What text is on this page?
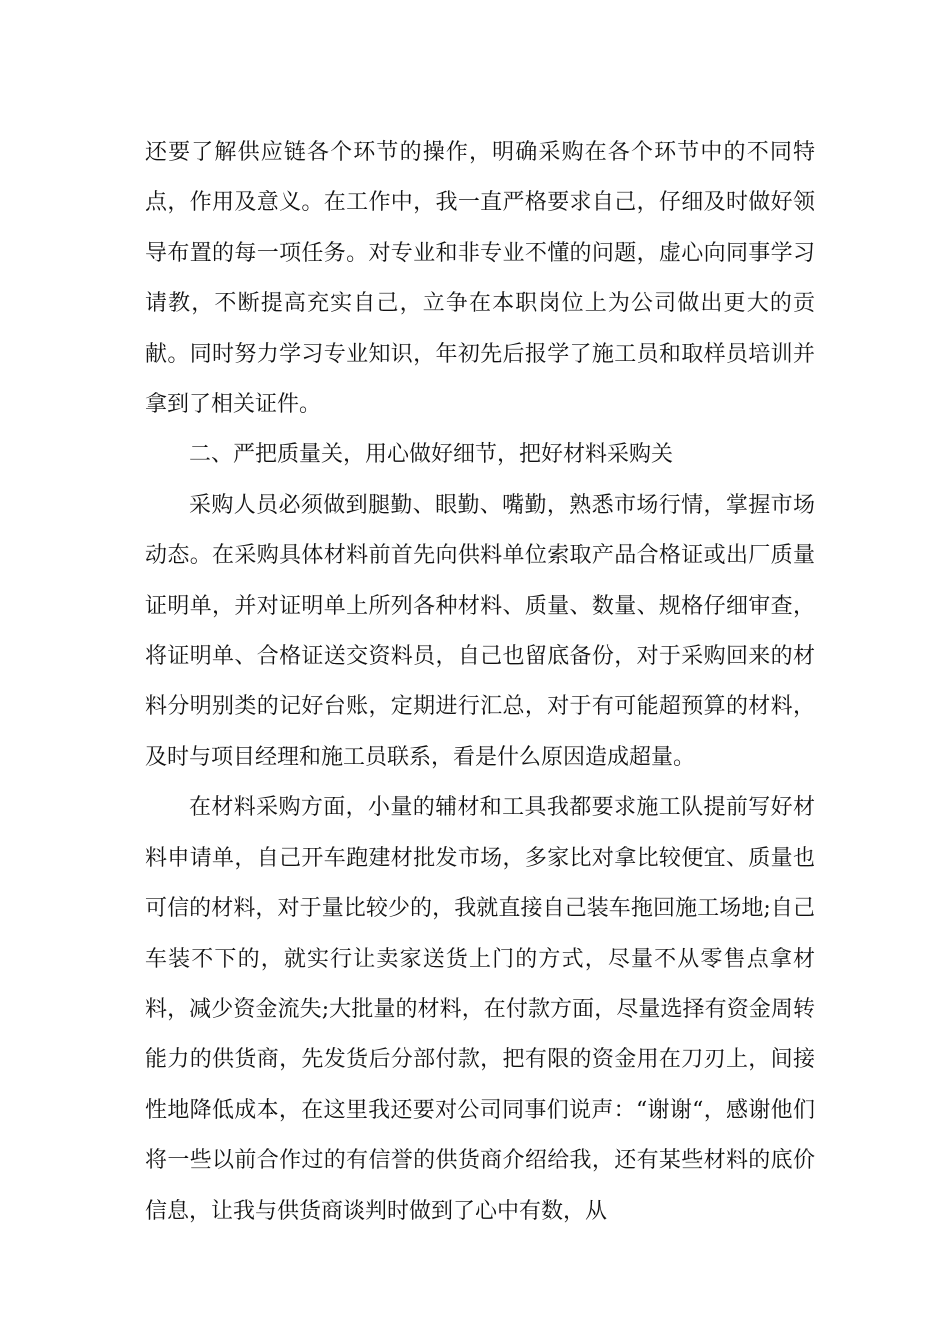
还要了解供应链各个环节的操作，明确采购在各个环节中的不同特点，作用及意义。在工作中，我一直严格要求自己，仔细及时做好领导布置的每一项任务。对专业和非专业不懂的问题，虚心向同事学习请教，不断提高充实自己，立争在本职岗位上为公司做出更大的贡献。同时努力学习专业知识，年初先后报学了施工员和取样员培训并拿到了相关证件。

二、严把质量关，用心做好细节，把好材料采购关

采购人员必须做到腿勤、眼勤、嘴勤，熟悉市场行情，掌握市场动态。在采购具体材料前首先向供料单位索取产品合格证或出厂质量证明单，并对证明单上所列各种材料、质量、数量、规格仔细审查，将证明单、合格证送交资料员，自己也留底备份，对于采购回来的材料分明别类的记好台账，定期进行汇总，对于有可能超预算的材料，及时与项目经理和施工员联系，看是什么原因造成超量。

在材料采购方面，小量的辅材和工具我都要求施工队提前写好材料申请单，自己开车跑建材批发市场，多家比对拿比较便宜、质量也可信的材料，对于量比较少的，我就直接自己装车拖回施工场地;自己车装不下的，就实行让卖家送货上门的方式，尽量不从零售点拿材料，减少资金流失;大批量的材料，在付款方面，尽量选择有资金周转能力的供货商，先发货后分部付款，把有限的资金用在刀刃上，间接性地降低成本，在这里我还要对公司同事们说声：“谢谢“，感谢他们将一些以前合作过的有信誉的供货商介绍给我，还有某些材料的底价信息，让我与供货商谈判时做到了心中有数，从
